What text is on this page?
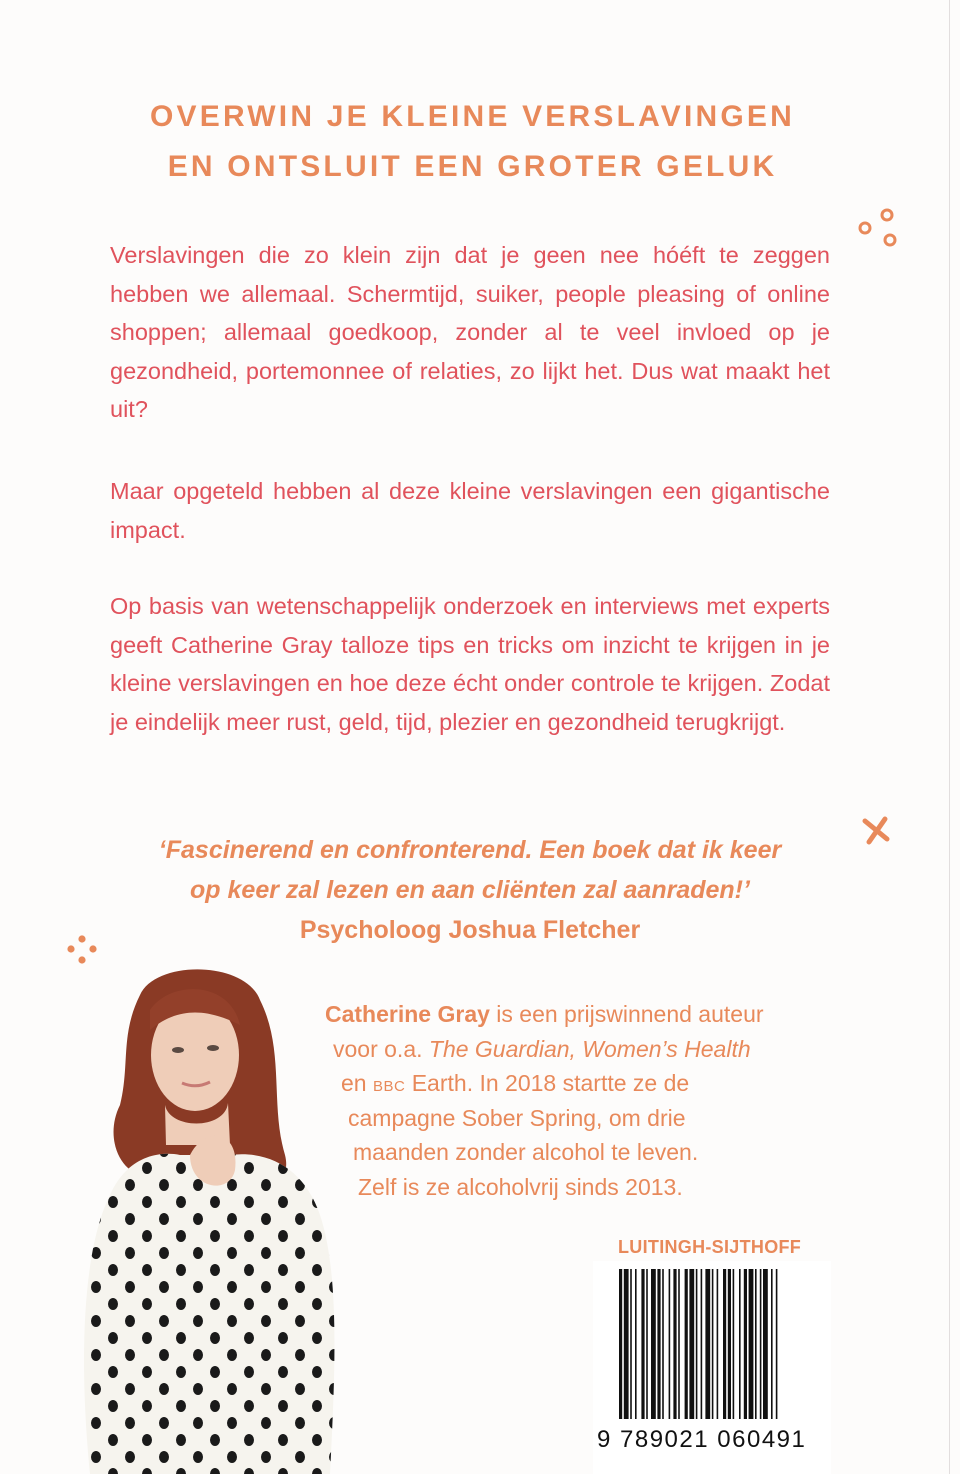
OVERWIN JE KLEINE VERSLAVINGEN
EN ONTSLUIT EEN GROTER GELUK

Verslavingen die zo klein zijn dat je geen nee hóéft te zeggen hebben we allemaal. Schermtijd, suiker, people pleasing of online shoppen; allemaal goedkoop, zonder al te veel invloed op je gezondheid, portemonnee of relaties, zo lijkt het. Dus wat maakt het uit?

Maar opgeteld hebben al deze kleine verslavingen een gigantische impact.

Op basis van wetenschappelijk onderzoek en interviews met experts geeft Catherine Gray talloze tips en tricks om inzicht te krijgen in je kleine verslavingen en hoe deze écht onder controle te krijgen. Zodat je eindelijk meer rust, geld, tijd, plezier en gezondheid terugkrijgt.

‘Fascinerend en confronterend. Een boek dat ik keer
op keer zal lezen en aan cliënten zal aanraden!’
Psycholoog Joshua Fletcher
Catherine Gray is een prijswinnend auteur
voor o.a. The Guardian, Women’s Health
en BBC Earth. In 2018 startte ze de
campagne Sober Spring, om drie
maanden zonder alcohol te leven.
Zelf is ze alcoholvrij sinds 2013.
LUITINGH-SIJTHOFF
9 789021 060491
